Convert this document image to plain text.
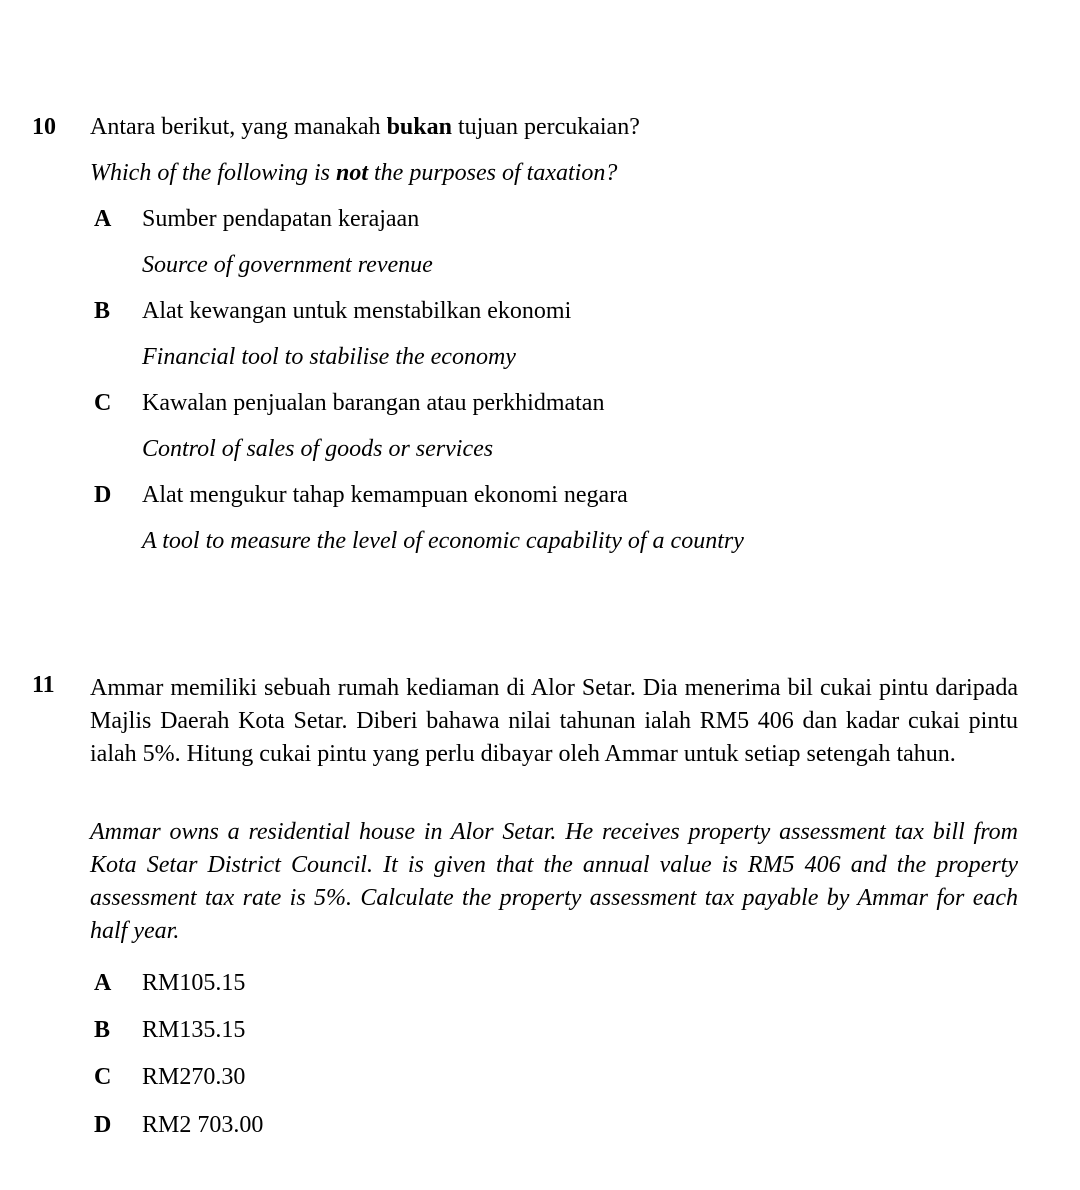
10 Antara berikut, yang manakah bukan tujuan percukaian?
Which of the following is not the purposes of taxation?
A Sumber pendapatan kerajaan
Source of government revenue
B Alat kewangan untuk menstabilkan ekonomi
Financial tool to stabilise the economy
C Kawalan penjualan barangan atau perkhidmatan
Control of sales of goods or services
D Alat mengukur tahap kemampuan ekonomi negara
A tool to measure the level of economic capability of a country
11 Ammar memiliki sebuah rumah kediaman di Alor Setar. Dia menerima bil cukai pintu daripada Majlis Daerah Kota Setar. Diberi bahawa nilai tahunan ialah RM5 406 dan kadar cukai pintu ialah 5%. Hitung cukai pintu yang perlu dibayar oleh Ammar untuk setiap setengah tahun.
Ammar owns a residential house in Alor Setar. He receives property assessment tax bill from Kota Setar District Council. It is given that the annual value is RM5 406 and the property assessment tax rate is 5%. Calculate the property assessment tax payable by Ammar for each half year.
A RM105.15
B RM135.15
C RM270.30
D RM2 703.00
